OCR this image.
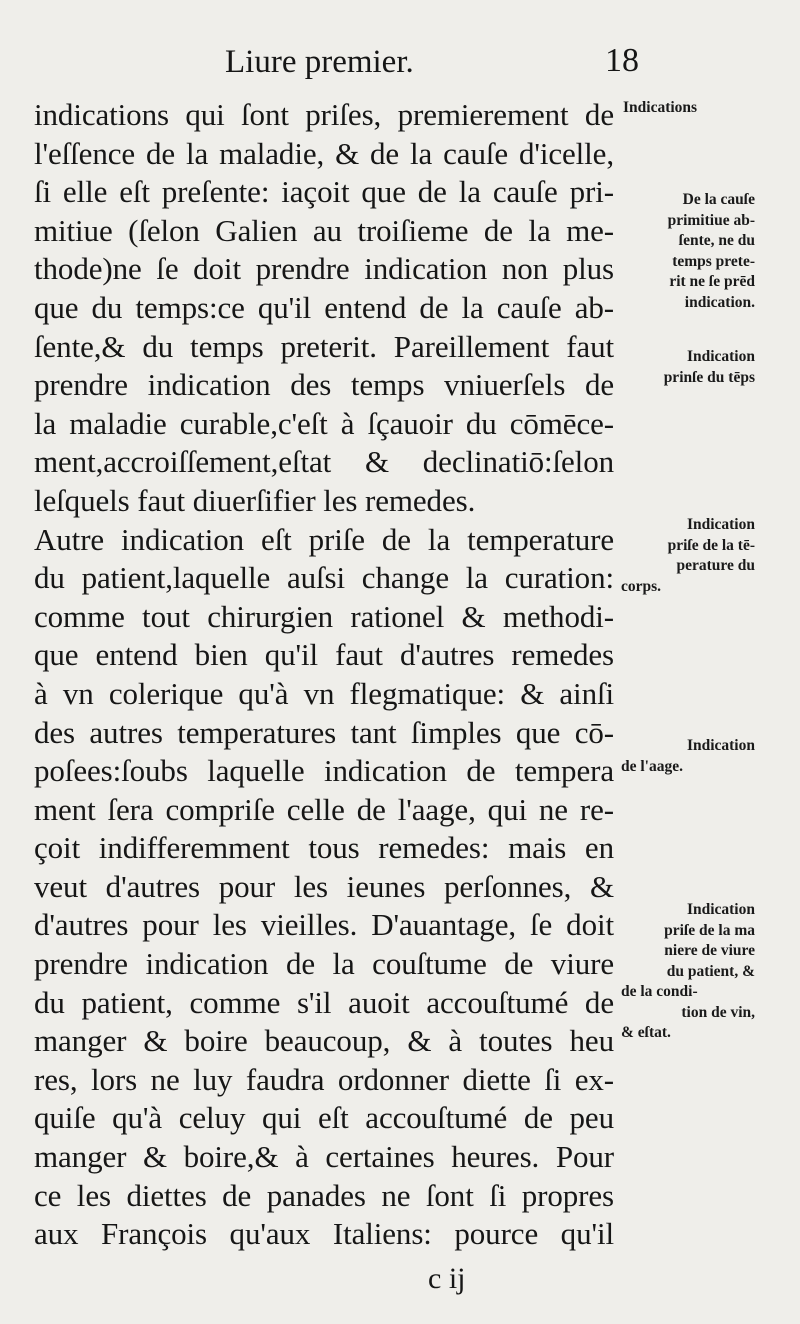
Liure premier.	18
indications qui ſont priſes, premierement de
l'eſſence de la maladie, & de la cauſe d'icelle,
ſi elle eſt preſente: iaçoit que de la cauſe pri-
mitiue (ſelon Galien au troiſieme de la me-
thode)ne ſe doit prendre indication non plus
que du temps:ce qu'il entend de la cauſe ab-
ſente,& du temps preterit. Pareillement faut
prendre indication des temps vniuerſels de
la maladie curable,c'eſt à ſçauoir du cōmēce-
ment,accroiſſement,eſtat & declinatiō:ſelon
leſquels faut diuerſifier les remedes.
Autre indication eſt priſe de la temperature
du patient,laquelle auſsi change la curation:
comme tout chirurgien rationel & methodi-
que entend bien qu'il faut d'autres remedes
à vn colerique qu'à vn flegmatique: & ainſi
des autres temperatures tant ſimples que cō-
poſees:ſoubs laquelle indication de tempera
ment ſera compriſe celle de l'aage, qui ne re-
çoit indifferemment tous remedes: mais en
veut d'autres pour les ieunes perſonnes, &
d'autres pour les vieilles. D'auantage, ſe doit
prendre indication de la couſtume de viure
du patient, comme s'il auoit accouſtumé de
manger & boire beaucoup, & à toutes heu
res, lors ne luy faudra ordonner diette ſi ex-
quiſe qu'à celuy qui eſt accouſtumé de peu
manger & boire,& à certaines heures. Pour
ce les diettes de panades ne ſont ſi propres
aux François qu'aux Italiens: pource qu'il
Indications
De la cauſe
primitiue ab-
ſente, ne du
temps prete-
rit ne ſe prēd
indication.
Indication
prinſe du tēps
Indication
priſe de la tē-
perature du
corps.
Indication
de l'aage.
Indication
priſe de la ma
niere de viure
du patient, &
de la condi-
tion de vin,
& eſtat.
c ij
